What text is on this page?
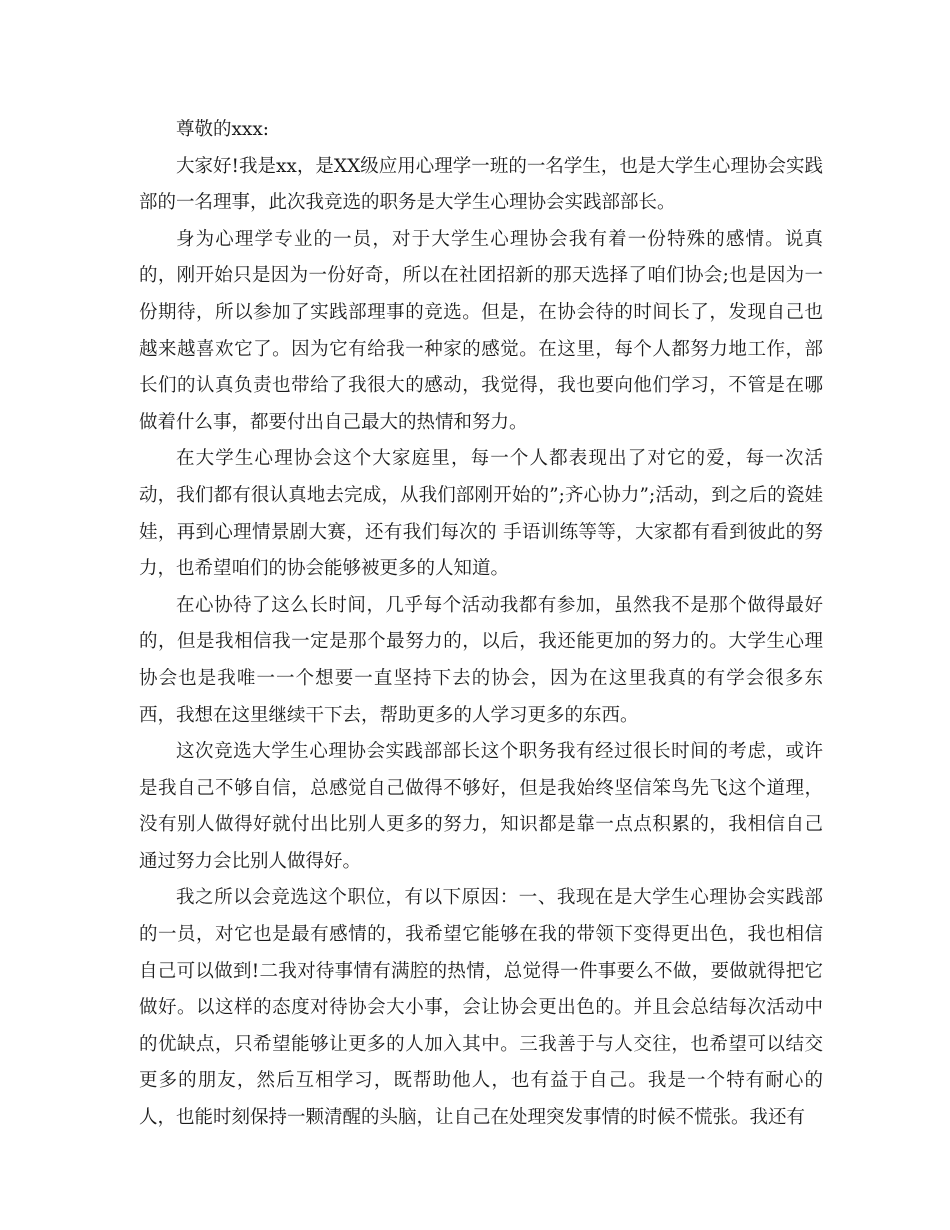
尊敬的xxx:

大家好!我是xx，是XX级应用心理学一班的一名学生，也是大学生心理协会实践部的一名理事，此次我竞选的职务是大学生心理协会实践部部长。

身为心理学专业的一员，对于大学生心理协会我有着一份特殊的感情。说真的，刚开始只是因为一份好奇，所以在社团招新的那天选择了咱们协会;也是因为一份期待，所以参加了实践部理事的竞选。但是，在协会待的时间长了，发现自己也越来越喜欢它了。因为它有给我一种家的感觉。在这里，每个人都努力地工作，部长们的认真负责也带给了我很大的感动，我觉得，我也要向他们学习，不管是在哪做着什么事，都要付出自己最大的热情和努力。

在大学生心理协会这个大家庭里，每一个人都表现出了对它的爱，每一次活动，我们都有很认真地去完成，从我们部刚开始的”;齐心协力”;活动，到之后的瓷娃娃，再到心理情景剧大赛，还有我们每次的 手语训练等等，大家都有看到彼此的努力，也希望咱们的协会能够被更多的人知道。

在心协待了这么长时间，几乎每个活动我都有参加，虽然我不是那个做得最好的，但是我相信我一定是那个最努力的，以后，我还能更加的努力的。大学生心理协会也是我唯一一个想要一直坚持下去的协会，因为在这里我真的有学会很多东西，我想在这里继续干下去，帮助更多的人学习更多的东西。

这次竞选大学生心理协会实践部部长这个职务我有经过很长时间的考虑，或许是我自己不够自信，总感觉自己做得不够好，但是我始终坚信笨鸟先飞这个道理，没有别人做得好就付出比别人更多的努力，知识都是靠一点点积累的，我相信自己通过努力会比别人做得好。

我之所以会竞选这个职位，有以下原因：一、我现在是大学生心理协会实践部的一员，对它也是最有感情的，我希望它能够在我的带领下变得更出色，我也相信自己可以做到!二我对待事情有满腔的热情，总觉得一件事要么不做，要做就得把它做好。以这样的态度对待协会大小事，会让协会更出色的。并且会总结每次活动中的优缺点，只希望能够让更多的人加入其中。三我善于与人交往，也希望可以结交更多的朋友，然后互相学习，既帮助他人，也有益于自己。我是一个特有耐心的人，也能时刻保持一颗清醒的头脑，让自己在处理突发事情的时候不慌张。我还有
